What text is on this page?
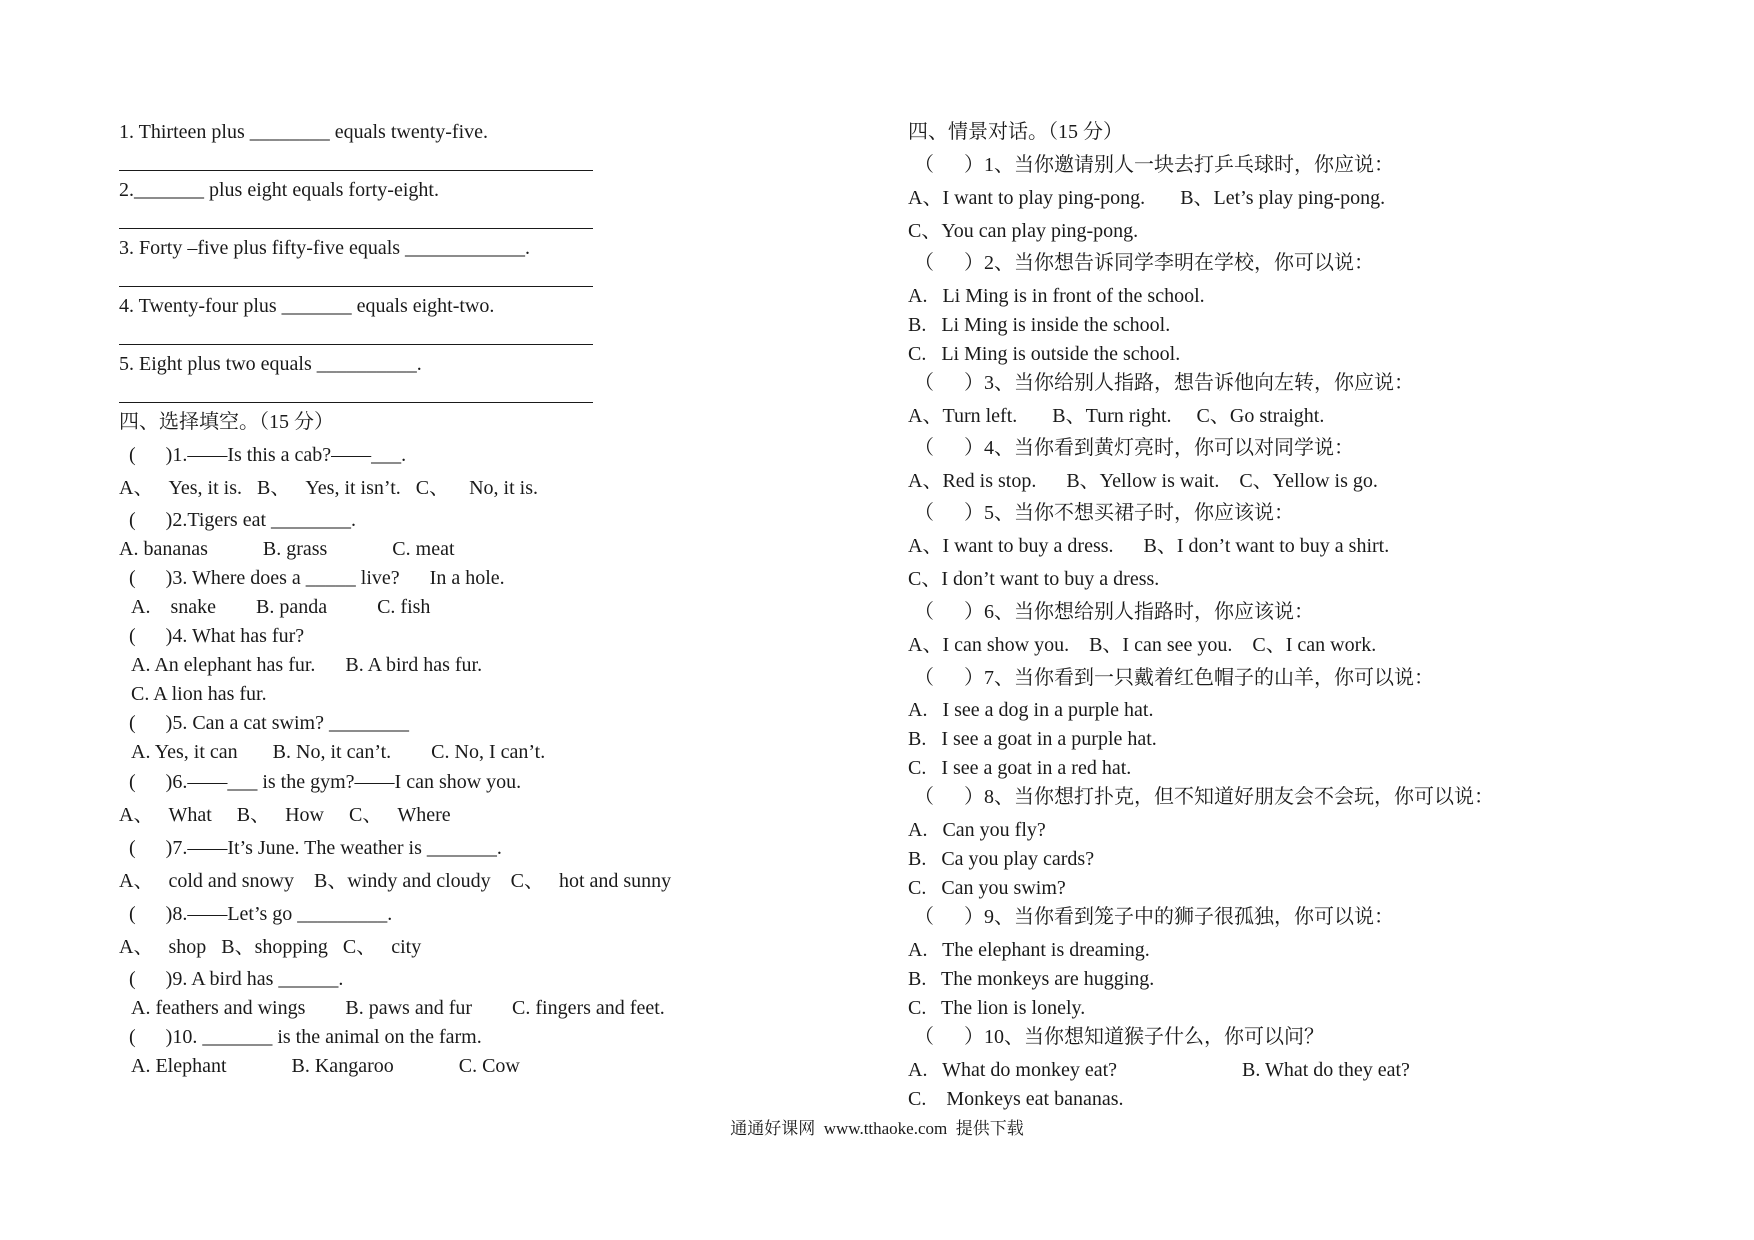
1. Thirteen plus ________ equals twenty-five.
2._______ plus eight equals forty-eight.
3. Forty –five plus fifty-five equals ____________.
4. Twenty-four plus _______ equals eight-two.
5. Eight plus two equals __________.
四、选择填空。（15 分）
(      )1.——Is this a cab?——___.
A、   Yes, it is.   B、   Yes, it isn’t.   C、    No, it is.
(      )2.Tigers eat ________.
A. bananas           B. grass             C. meat
(      )3. Where does a _____ live?      In a hole.
A.    snake        B. panda          C. fish
(      )4. What has fur?
A. An elephant has fur.      B. A bird has fur.
C. A lion has fur.
(      )5. Can a cat swim? ________
A. Yes, it can       B. No, it can’t.        C. No, I can’t.
(      )6.——___ is the gym?——I can show you.
A、   What     B、   How     C、   Where
(      )7.——It’s June. The weather is _______.
A、   cold and snowy    B、windy and cloudy    C、   hot and sunny
(      )8.——Let’s go _________.
A、   shop   B、shopping   C、   city
(      )9. A bird has ______.
A. feathers and wings        B. paws and fur        C. fingers and feet.
(      )10. _______ is the animal on the farm.
A. Elephant             B. Kangaroo             C. Cow
四、情景对话。（15 分）
（      ）1、当你邀请别人一块去打乒乓球时，你应说：
A、I want to play ping-pong.       B、Let’s play ping-pong.
C、You can play ping-pong.
（      ）2、当你想告诉同学李明在学校，你可以说：
A.   Li Ming is in front of the school.
B.   Li Ming is inside the school.
C.   Li Ming is outside the school.
（      ）3、当你给别人指路，想告诉他向左转，你应说：
A、Turn left.       B、Turn right.     C、Go straight.
（      ）4、当你看到黄灯亮时，你可以对同学说：
A、Red is stop.      B、Yellow is wait.    C、Yellow is go.
（      ）5、当你不想买裙子时，你应该说：
A、I want to buy a dress.      B、I don’t want to buy a shirt.
C、I don’t want to buy a dress.
（      ）6、当你想给别人指路时，你应该说：
A、I can show you.    B、I can see you.    C、I can work.
（      ）7、当你看到一只戴着红色帽子的山羊，你可以说：
A.   I see a dog in a purple hat.
B.   I see a goat in a purple hat.
C.   I see a goat in a red hat.
（      ）8、当你想打扑克，但不知道好朋友会不会玩，你可以说：
A.   Can you fly?
B.   Ca you play cards?
C.   Can you swim?
（      ）9、当你看到笼子中的狮子很孤独，你可以说：
A.   The elephant is dreaming.
B.   The monkeys are hugging.
C.   The lion is lonely.
（      ）10、当你想知道猴子什么，你可以问？
A.   What do monkey eat?                         B. What do they eat?
C.    Monkeys eat bananas.
通通好课网  www.tthaoke.com  提供下载
